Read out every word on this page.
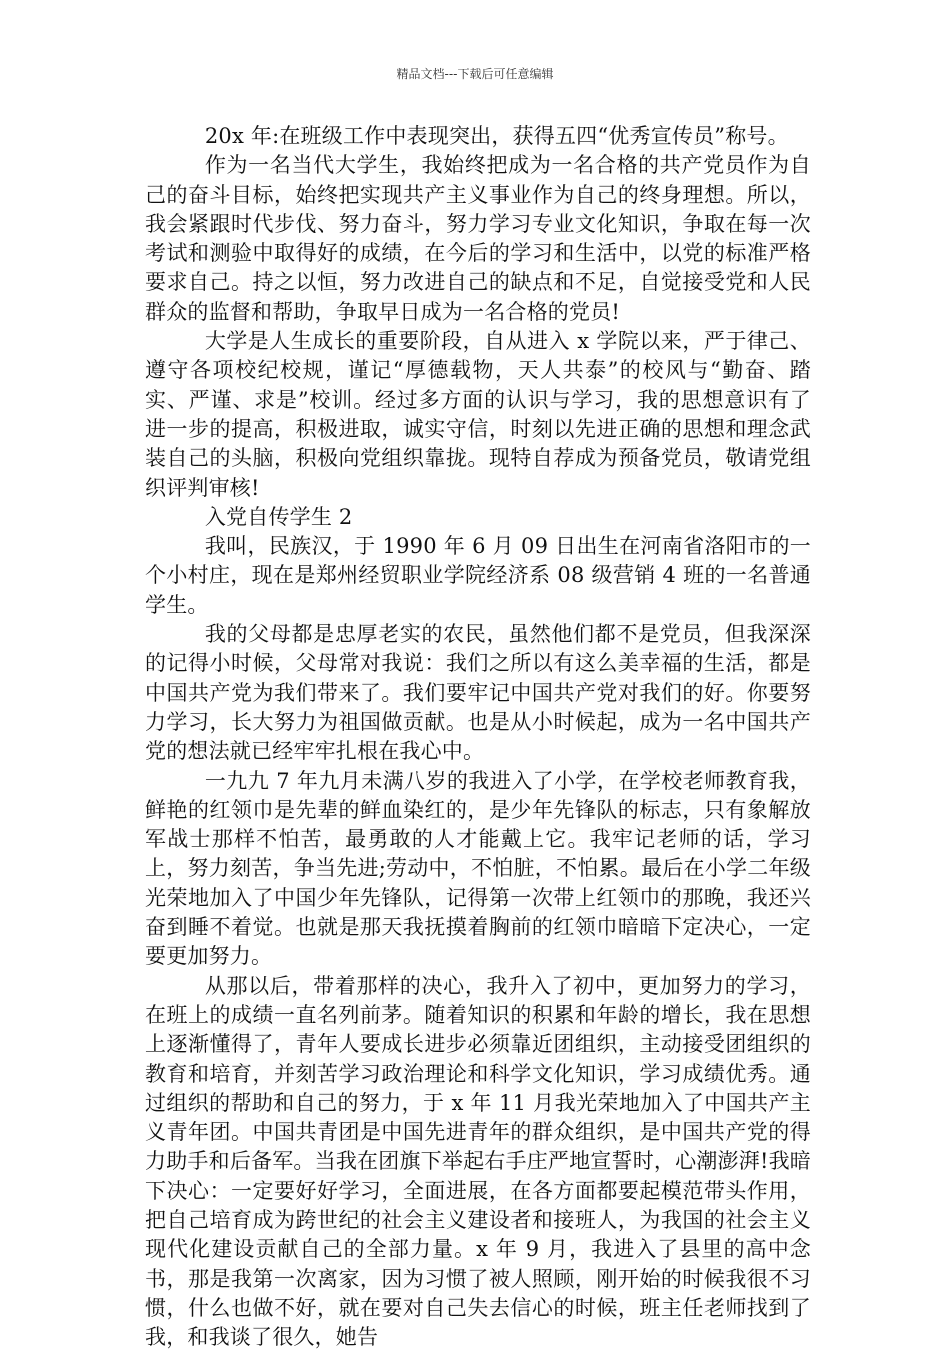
精品文档---下载后可任意编辑

20x 年:在班级工作中表现突出，获得五四“优秀宣传员”称号。

作为一名当代大学生，我始终把成为一名合格的共产党员作为自己的奋斗目标，始终把实现共产主义事业作为自己的终身理想。所以，我会紧跟时代步伐、努力奋斗，努力学习专业文化知识，争取在每一次考试和测验中取得好的成绩，在今后的学习和生活中，以党的标准严格要求自己。持之以恒，努力改进自己的缺点和不足，自觉接受党和人民群众的监督和帮助，争取早日成为一名合格的党员!

大学是人生成长的重要阶段，自从进入 x 学院以来，严于律己、遵守各项校纪校规，谨记“厚德载物，天人共泰”的校风与“勤奋、踏实、严谨、求是”校训。经过多方面的认识与学习，我的思想意识有了进一步的提高，积极进取，诚实守信，时刻以先进正确的思想和理念武装自己的头脑，积极向党组织靠拢。现特自荐成为预备党员，敬请党组织评判审核!

入党自传学生 2

我叫，民族汉，于 1990 年 6 月 09 日出生在河南省洛阳市的一个小村庄，现在是郑州经贸职业学院经济系 08 级营销 4 班的一名普通学生。

我的父母都是忠厚老实的农民，虽然他们都不是党员，但我深深的记得小时候，父母常对我说：我们之所以有这么美幸福的生活，都是中国共产党为我们带来了。我们要牢记中国共产党对我们的好。你要努力学习，长大努力为祖国做贡献。也是从小时候起，成为一名中国共产党的想法就已经牢牢扎根在我心中。

一九九 7 年九月未满八岁的我进入了小学，在学校老师教育我，鲜艳的红领巾是先辈的鲜血染红的，是少年先锋队的标志，只有象解放军战士那样不怕苦，最勇敢的人才能戴上它。我牢记老师的话，学习上，努力刻苦，争当先进;劳动中，不怕脏，不怕累。最后在小学二年级光荣地加入了中国少年先锋队，记得第一次带上红领巾的那晚，我还兴奋到睡不着觉。也就是那天我抚摸着胸前的红领巾暗暗下定决心，一定要更加努力。

从那以后，带着那样的决心，我升入了初中，更加努力的学习，在班上的成绩一直名列前茅。随着知识的积累和年龄的增长，我在思想上逐渐懂得了，青年人要成长进步必须靠近团组织，主动接受团组织的教育和培育，并刻苦学习政治理论和科学文化知识，学习成绩优秀。通过组织的帮助和自己的努力，于 x 年 11 月我光荣地加入了中国共产主义青年团。中国共青团是中国先进青年的群众组织，是中国共产党的得力助手和后备军。当我在团旗下举起右手庄严地宣誓时，心潮澎湃!我暗下决心：一定要好好学习，全面进展，在各方面都要起模范带头作用，把自己培育成为跨世纪的社会主义建设者和接班人，为我国的社会主义现代化建设贡献自己的全部力量。x 年 9 月，我进入了县里的高中念书，那是我第一次离家，因为习惯了被人照顾，刚开始的时候我很不习惯，什么也做不好，就在要对自己失去信心的时候，班主任老师找到了我，和我谈了很久，她告
